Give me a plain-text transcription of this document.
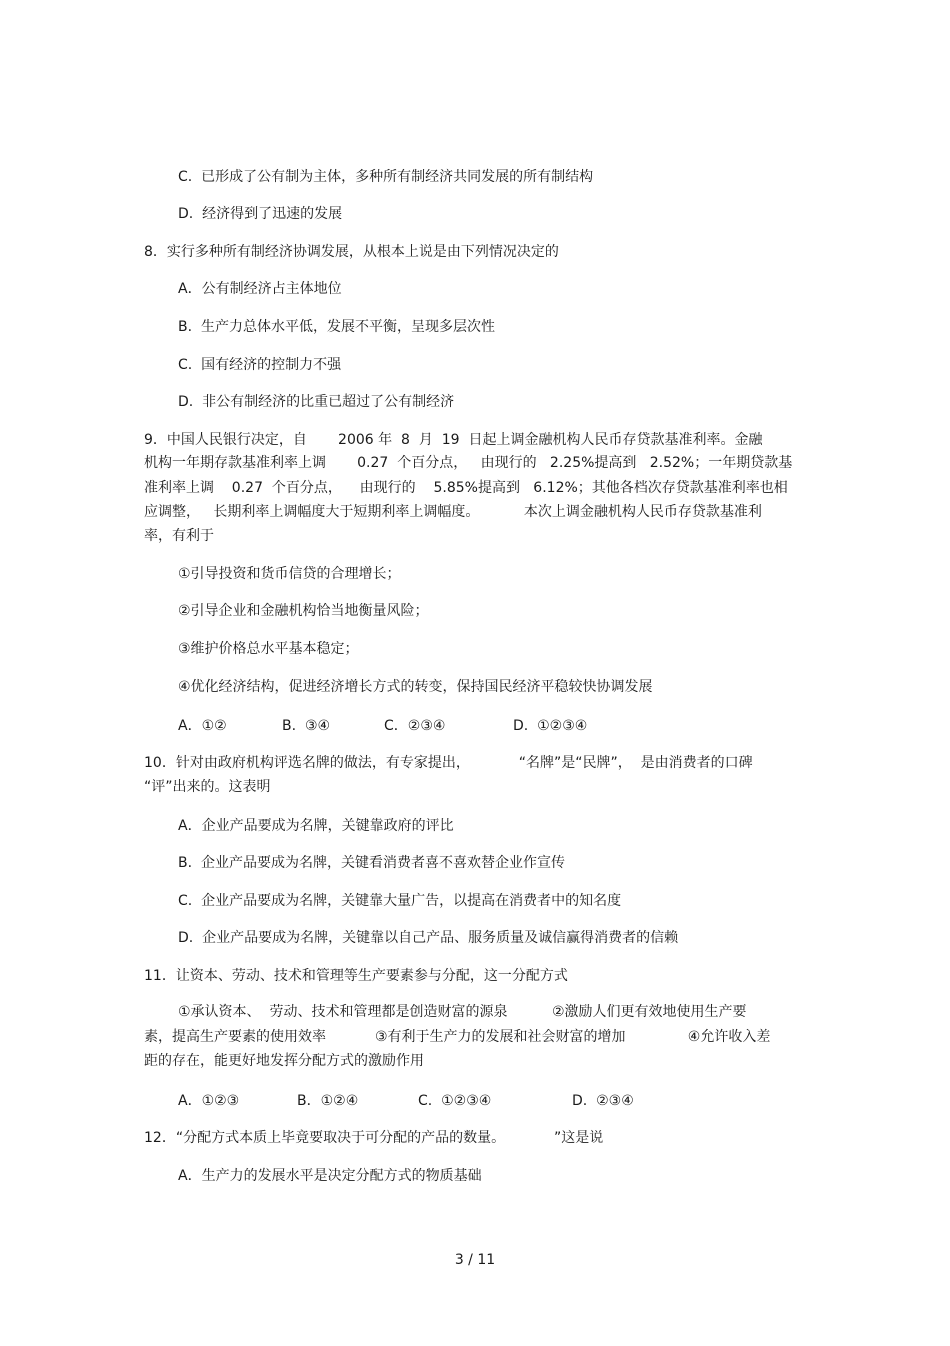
C.  已形成了公有制为主体，多种所有制经济共同发展的所有制结构
D.  经济得到了迅速的发展
8．实行多种所有制经济协调发展，从根本上说是由下列情况决定的
A．公有制经济占主体地位
B.  生产力总体水平低，发展不平衡，呈现多层次性
C.  国有经济的控制力不强
D.  非公有制经济的比重已超过了公有制经济
9．中国人民银行决定，自       2006 年  8  月  19  日起上调金融机构人民币存贷款基准利率。金融
机构一年期存款基准利率上调       0.27  个百分点，   由现行的   2.25%提高到   2.52%；一年期贷款基
准利率上调    0.27  个百分点，    由现行的    5.85%提高到   6.12%；其他各档次存贷款基准利率也相
应调整，   长期利率上调幅度大于短期利率上调幅度。          本次上调金融机构人民币存贷款基准利
率，有利于
①引导投资和货币信贷的合理增长；
②引导企业和金融机构恰当地衡量风险；
③维护价格总水平基本稳定；
④优化经济结构，促进经济增长方式的转变，保持国民经济平稳较快协调发展
A．①②	B.  ③④	C．②③④	D.  ①②③④
10．针对由政府机构评选名牌的做法，有专家提出，           “名牌”是“民牌”，  是由消费者的口碑
“评”出来的。这表明
A．企业产品要成为名牌，关键靠政府的评比
B.  企业产品要成为名牌，关键看消费者喜不喜欢替企业作宣传
C.  企业产品要成为名牌，关键靠大量广告，以提高在消费者中的知名度
D.  企业产品要成为名牌，关键靠以自己产品、服务质量及诚信赢得消费者的信赖
11．让资本、劳动、技术和管理等生产要素参与分配，这一分配方式
①承认资本、  劳动、技术和管理都是创造财富的源泉          ②激励人们更有效地使用生产要
素，提高生产要素的使用效率           ③有利于生产力的发展和社会财富的增加              ④允许收入差
距的存在，能更好地发挥分配方式的激励作用
A．①②③	B．①②④	C.  ①②③④	D.  ②③④
12．“分配方式本质上毕竟要取决于可分配的产品的数量。           ”这是说
A．生产力的发展水平是决定分配方式的物质基础
3 / 11
